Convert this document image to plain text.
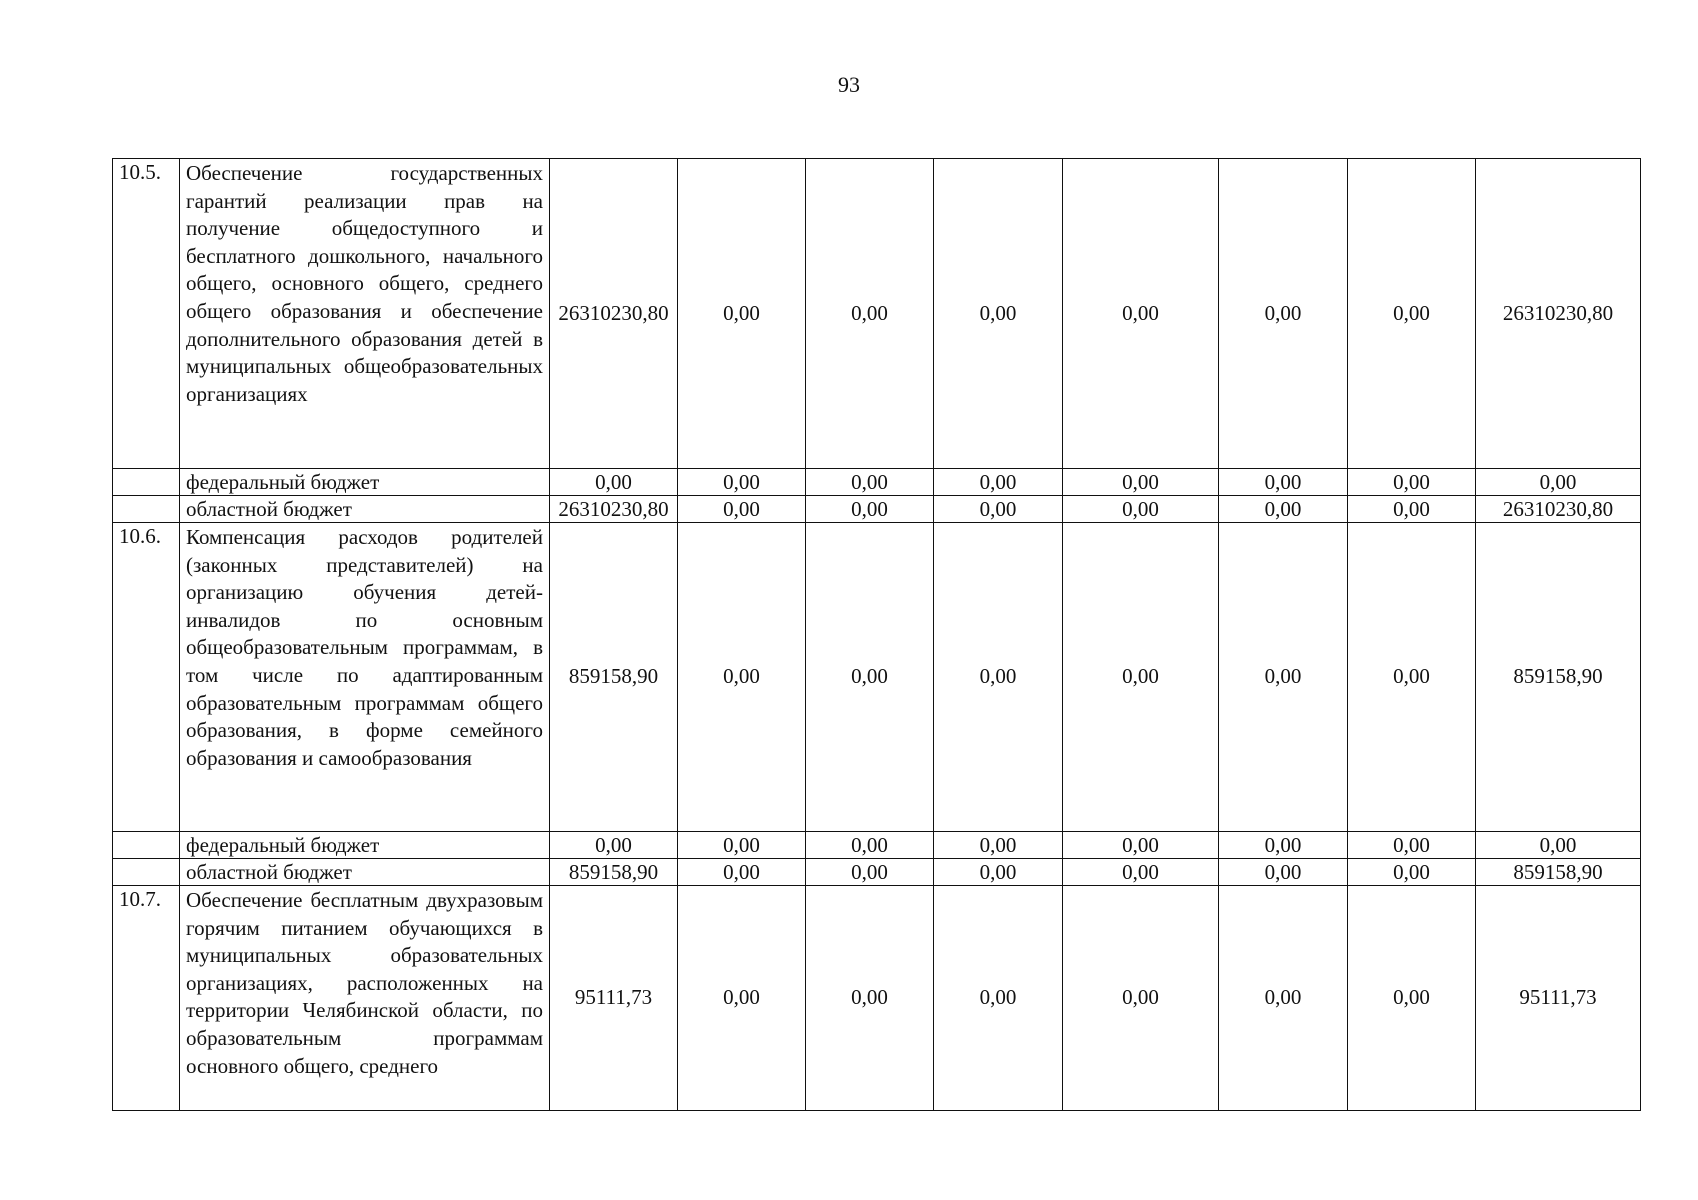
93
10.5.	Обеспечение государственных гарантий реализации прав на получение общедоступного и бесплатного дошкольного, начального общего, основного общего, среднего общего образования и обеспечение дополнительного образования детей в муниципальных общеобразовательных организациях	26310230,80	0,00	0,00	0,00	0,00	0,00	0,00	26310230,80
	федеральный бюджет	0,00	0,00	0,00	0,00	0,00	0,00	0,00	0,00
	областной бюджет	26310230,80	0,00	0,00	0,00	0,00	0,00	0,00	26310230,80
10.6.	Компенсация расходов родителей (законных представителей) на организацию обучения детей-инвалидов по основным общеобразовательным программам, в том числе по адаптированным образовательным программам общего образования, в форме семейного образования и самообразования	859158,90	0,00	0,00	0,00	0,00	0,00	0,00	859158,90
	федеральный бюджет	0,00	0,00	0,00	0,00	0,00	0,00	0,00	0,00
	областной бюджет	859158,90	0,00	0,00	0,00	0,00	0,00	0,00	859158,90
10.7.	Обеспечение бесплатным двухразовым горячим питанием обучающихся в муниципальных образовательных организациях, расположенных на территории Челябинской области, по образовательным программам основного общего, среднего	95111,73	0,00	0,00	0,00	0,00	0,00	0,00	95111,73
